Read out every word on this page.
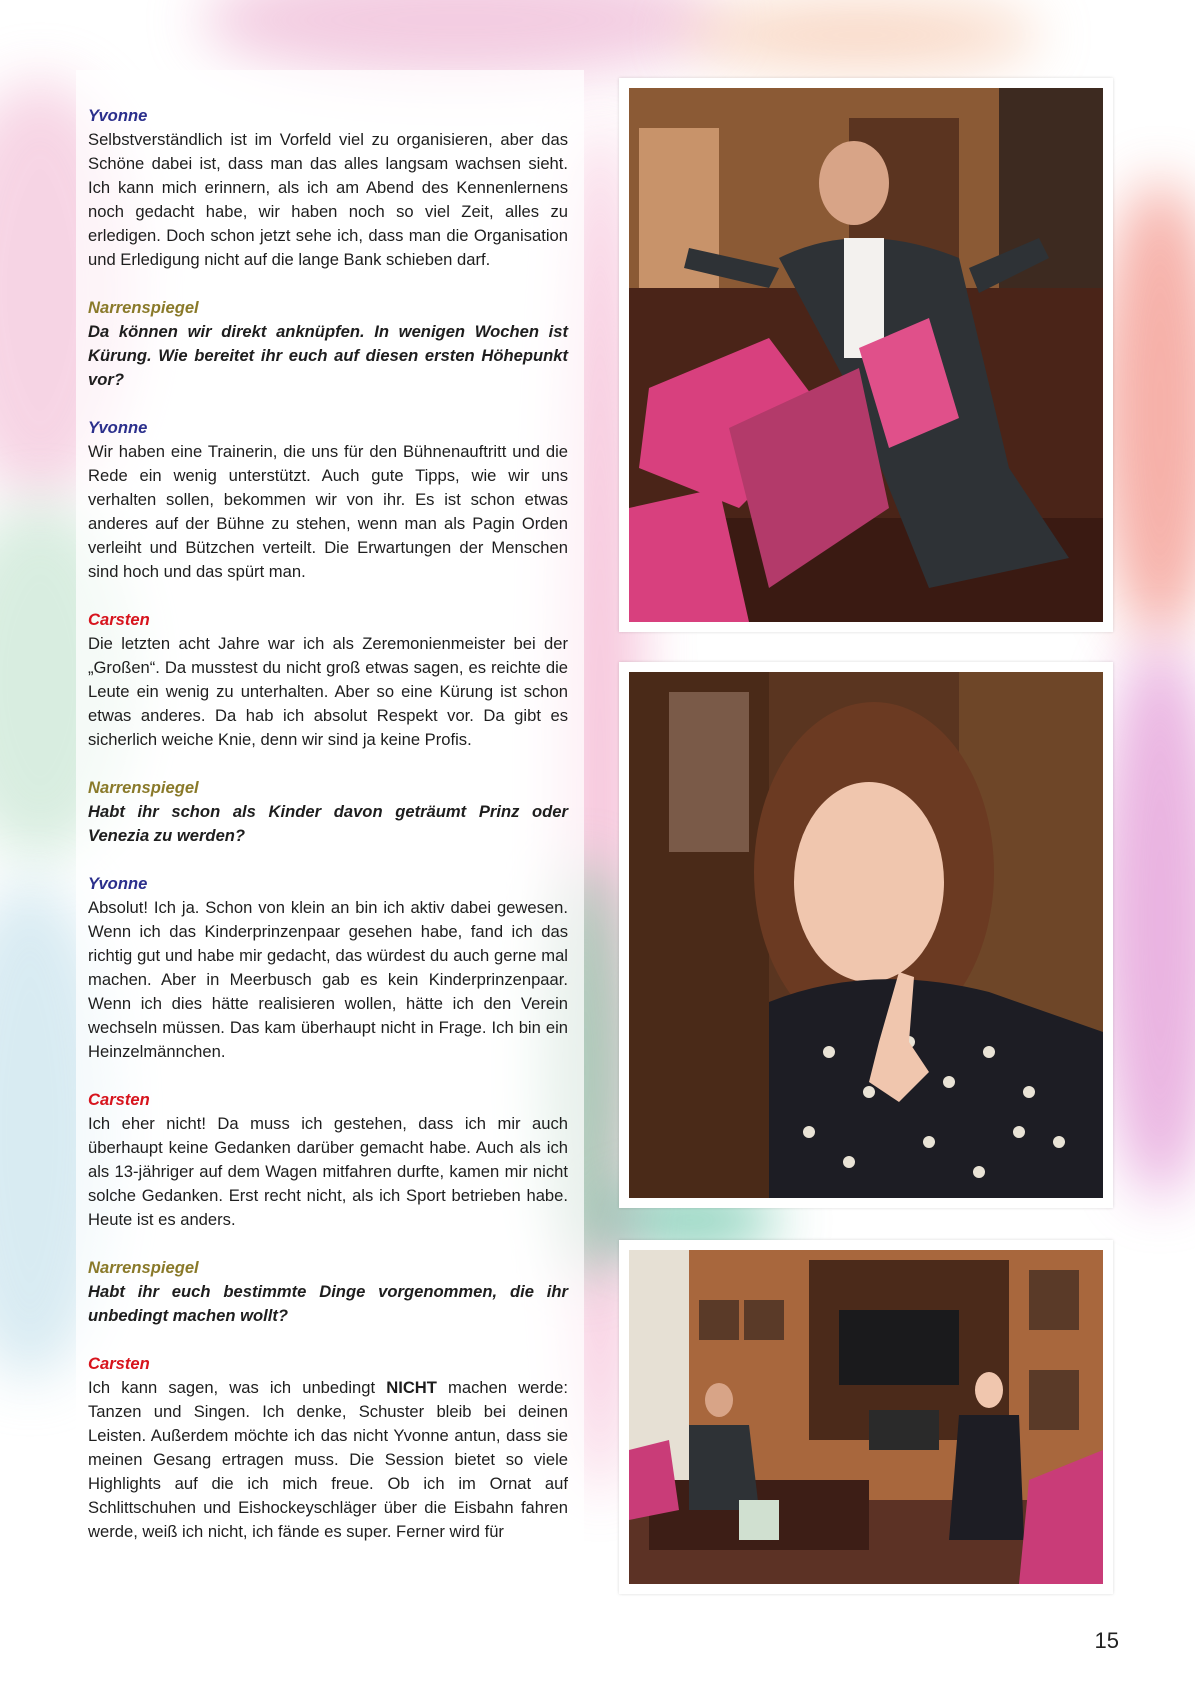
Yvonne
Selbstverständlich ist im Vorfeld viel zu organisieren, aber das Schöne dabei ist, dass man das alles langsam wachsen sieht. Ich kann mich erinnern, als ich am Abend des Kennenlernens noch gedacht habe, wir haben noch so viel Zeit, alles zu erledigen. Doch schon jetzt sehe ich, dass man die Organisation und Erledigung nicht auf die lange Bank schieben darf.
Narrenspiegel
Da können wir direkt anknüpfen. In wenigen Wochen ist Kürung. Wie bereitet ihr euch auf diesen ersten Höhepunkt vor?
Yvonne
Wir haben eine Trainerin, die uns für den Bühnenauftritt und die Rede ein wenig unterstützt. Auch gute Tipps, wie wir uns verhalten sollen, bekommen wir von ihr. Es ist schon etwas anderes auf der Bühne zu stehen, wenn man als Pagin Orden verleiht und Bützchen verteilt. Die Erwartungen der Menschen sind hoch und das spürt man.
Carsten
Die letzten acht Jahre war ich als Zeremonienmeister bei der „Großen“. Da musstest du nicht groß etwas sagen, es reichte die Leute ein wenig zu unterhalten. Aber so eine Kürung ist schon etwas anderes. Da hab ich absolut Respekt vor. Da gibt es sicherlich weiche Knie, denn wir sind ja keine Profis.
Narrenspiegel
Habt ihr schon als Kinder davon geträumt Prinz oder Venezia zu werden?
Yvonne
Absolut! Ich ja. Schon von klein an bin ich aktiv dabei gewesen. Wenn ich das Kinderprinzenpaar gesehen habe, fand ich das richtig gut und habe mir gedacht, das würdest du auch gerne mal machen. Aber in Meerbusch gab es kein Kinderprinzenpaar. Wenn ich dies hätte realisieren wollen, hätte ich den Verein wechseln müssen. Das kam überhaupt nicht in Frage. Ich bin ein Heinzelmännchen.
Carsten
Ich eher nicht! Da muss ich gestehen, dass ich mir auch überhaupt keine Gedanken darüber gemacht habe. Auch als ich als 13-jähriger auf dem Wagen mitfahren durfte, kamen mir nicht solche Gedanken. Erst recht nicht, als ich Sport betrieben habe. Heute ist es anders.
Narrenspiegel
Habt ihr euch bestimmte Dinge vorgenommen, die ihr unbedingt machen wollt?
Carsten
Ich kann sagen, was ich unbedingt NICHT machen werde: Tanzen und Singen. Ich denke, Schuster bleib bei deinen Leisten. Außerdem möchte ich das nicht Yvonne antun, dass sie meinen Gesang ertragen muss. Die Session bietet so viele Highlights auf die ich mich freue. Ob ich im Ornat auf Schlittschuhen und Eishockeyschläger über die Eisbahn fahren werde, weiß ich nicht, ich fände es super. Ferner wird für
15
